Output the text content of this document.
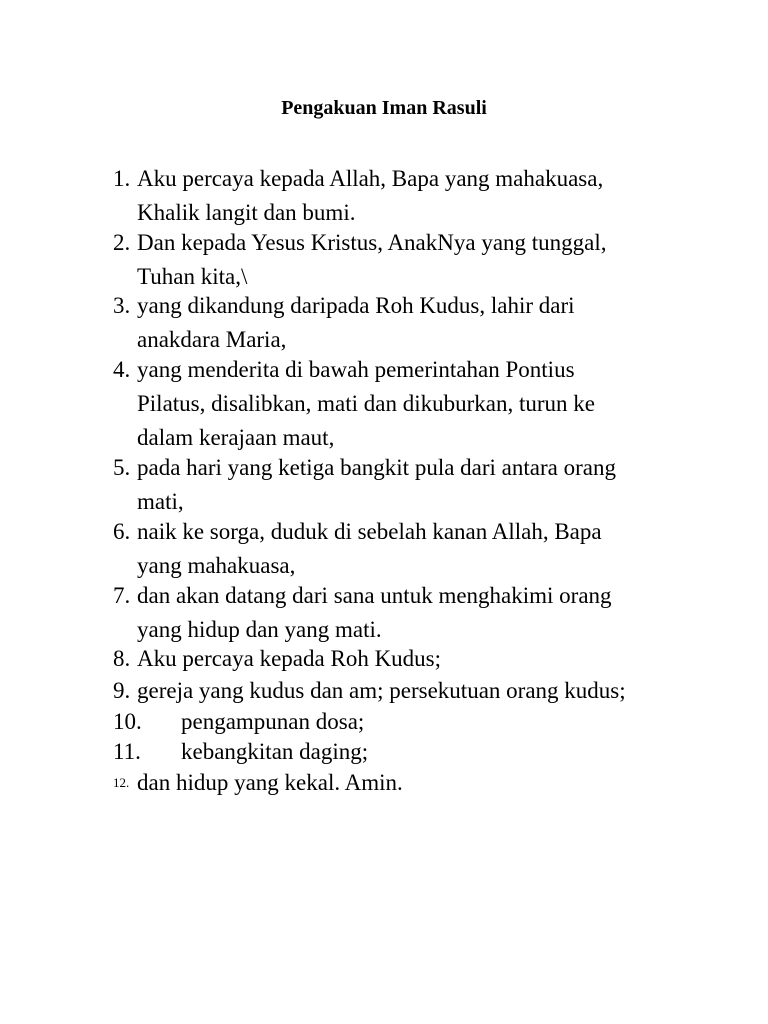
Pengakuan Iman Rasuli
1. Aku percaya kepada Allah, Bapa yang mahakuasa,
Khalik langit dan bumi.
2. Dan kepada Yesus Kristus, AnakNya yang tunggal,
Tuhan kita,\
3. yang dikandung daripada Roh Kudus, lahir dari
anakdara Maria,
4. yang menderita di bawah pemerintahan Pontius
Pilatus, disalibkan, mati dan dikuburkan, turun ke
dalam kerajaan maut,
5. pada hari yang ketiga bangkit pula dari antara orang
mati,
6. naik ke sorga, duduk di sebelah kanan Allah, Bapa
yang mahakuasa,
7. dan akan datang dari sana untuk menghakimi orang
yang hidup dan yang mati.
8. Aku percaya kepada Roh Kudus;
9. gereja yang kudus dan am; persekutuan orang kudus;
10. pengampunan dosa;
11. kebangkitan daging;
12. dan hidup yang kekal. Amin.
